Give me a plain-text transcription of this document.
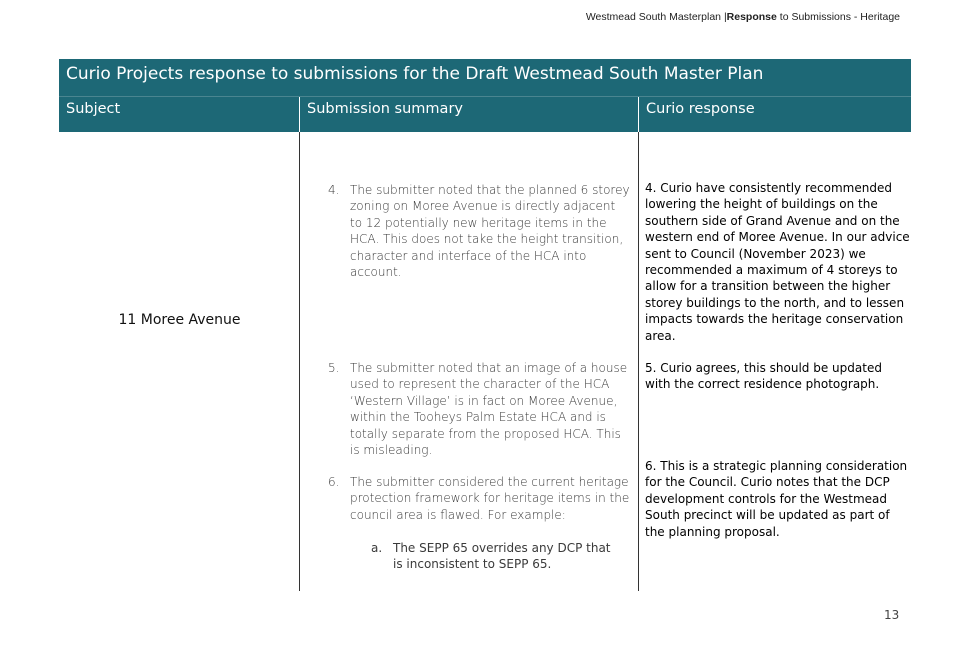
Westmead South Masterplan |Response to Submissions - Heritage
Curio Projects response to submissions for the Draft Westmead South Master Plan
Subject	Submission summary	Curio response
11 Moree Avenue
4. The submitter noted that the planned 6 storey zoning on Moree Avenue is directly adjacent to 12 potentially new heritage items in the HCA. This does not take the height transition, character and interface of the HCA into account.
5. The submitter noted that an image of a house used to represent the character of the HCA ‘Western Village’ is in fact on Moree Avenue, within the Tooheys Palm Estate HCA and is totally separate from the proposed HCA. This is misleading.
6. The submitter considered the current heritage protection framework for heritage items in the council area is flawed. For example:
a. The SEPP 65 overrides any DCP that is inconsistent to SEPP 65.
4. Curio have consistently recommended lowering the height of buildings on the southern side of Grand Avenue and on the western end of Moree Avenue. In our advice sent to Council (November 2023) we recommended a maximum of 4 storeys to allow for a transition between the higher storey buildings to the north, and to lessen impacts towards the heritage conservation area.
5. Curio agrees, this should be updated with the correct residence photograph.
6. This is a strategic planning consideration for the Council. Curio notes that the DCP development controls for the Westmead South precinct will be updated as part of the planning proposal.
13
